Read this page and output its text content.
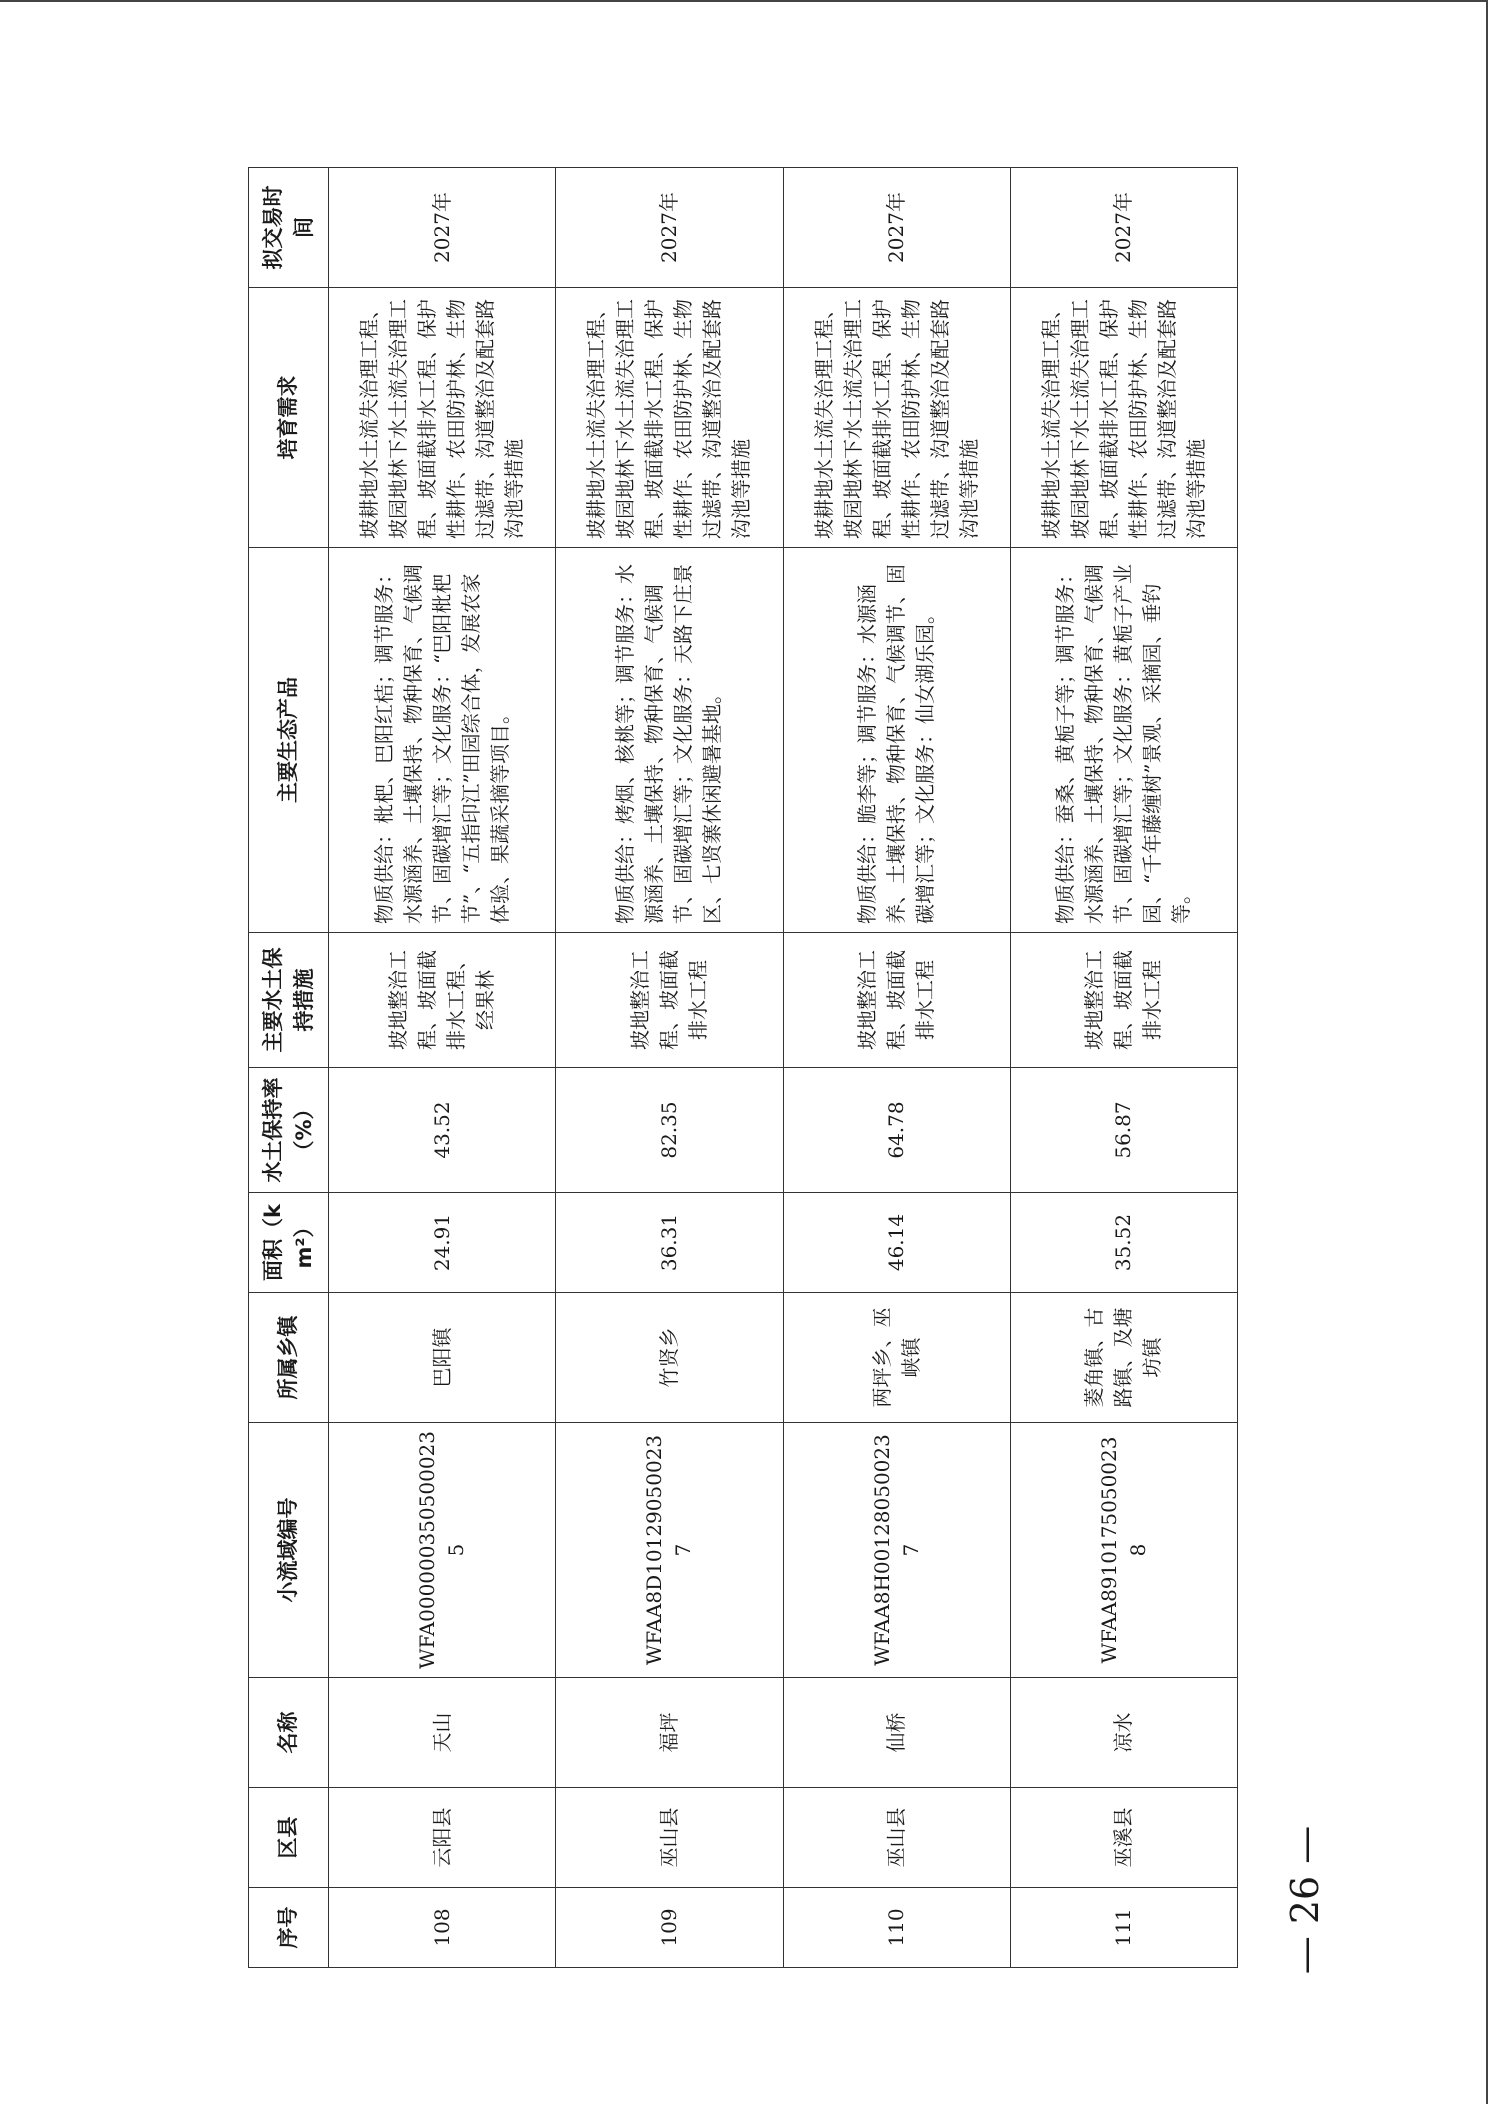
序号	区县	名称	小流域编号	所属乡镇	面积（km²）	水土保持率（%）	主要水土保持措施	主要生态产品	培育需求	拟交易时间
108	云阳县	天山	WFA0000003505000235	巴阳镇	24.91	43.52	坡地整治工程、坡面截排水工程、经果林	物质供给：枇杷、巴阳红桔；调节服务：水源涵养、土壤保持、物种保育、气候调节、固碳增汇等；文化服务：“巴阳枇杷节”、“五指印江”田园综合体，发展农家体验、果蔬采摘等项目。	坡耕地水土流失治理工程、坡园地林下水土流失治理工程、坡面截排水工程、保护性耕作、农田防护林、生物过滤带、沟道整治及配套路沟池等措施	2027年
109	巫山县	福坪	WFAA8D101290500237	竹贤乡	36.31	82.35	坡地整治工程、坡面截排水工程	物质供给：烤烟、核桃等；调节服务：水源涵养、土壤保持、物种保育、气候调节、固碳增汇等；文化服务：天路下庄景区、七贤寨休闲避暑基地。	坡耕地水土流失治理工程、坡园地林下水土流失治理工程、坡面截排水工程、保护性耕作、农田防护林、生物过滤带、沟道整治及配套路沟池等措施	2027年
110	巫山县	仙桥	WFAA8H001280500237	两坪乡、巫峡镇	46.14	64.78	坡地整治工程、坡面截排水工程	物质供给：脆李等；调节服务：水源涵养、土壤保持、物种保育、气候调节、固碳增汇等；文化服务：仙女湖乐园。	坡耕地水土流失治理工程、坡园地林下水土流失治理工程、坡面截排水工程、保护性耕作、农田防护林、生物过滤带、沟道整治及配套路沟池等措施	2027年
111	巫溪县	凉水	WFAA89101750500238	菱角镇、古路镇、及塘坊镇	35.52	56.87	坡地整治工程、坡面截排水工程	物质供给：蚕桑、黄栀子等；调节服务：水源涵养、土壤保持、物种保育、气候调节、固碳增汇等；文化服务：黄栀子产业园、“千年藤缠树”景观、采摘园、垂钓等。	坡耕地水土流失治理工程、坡园地林下水土流失治理工程、坡面截排水工程、保护性耕作、农田防护林、生物过滤带、沟道整治及配套路沟池等措施	2027年
— 26 —
